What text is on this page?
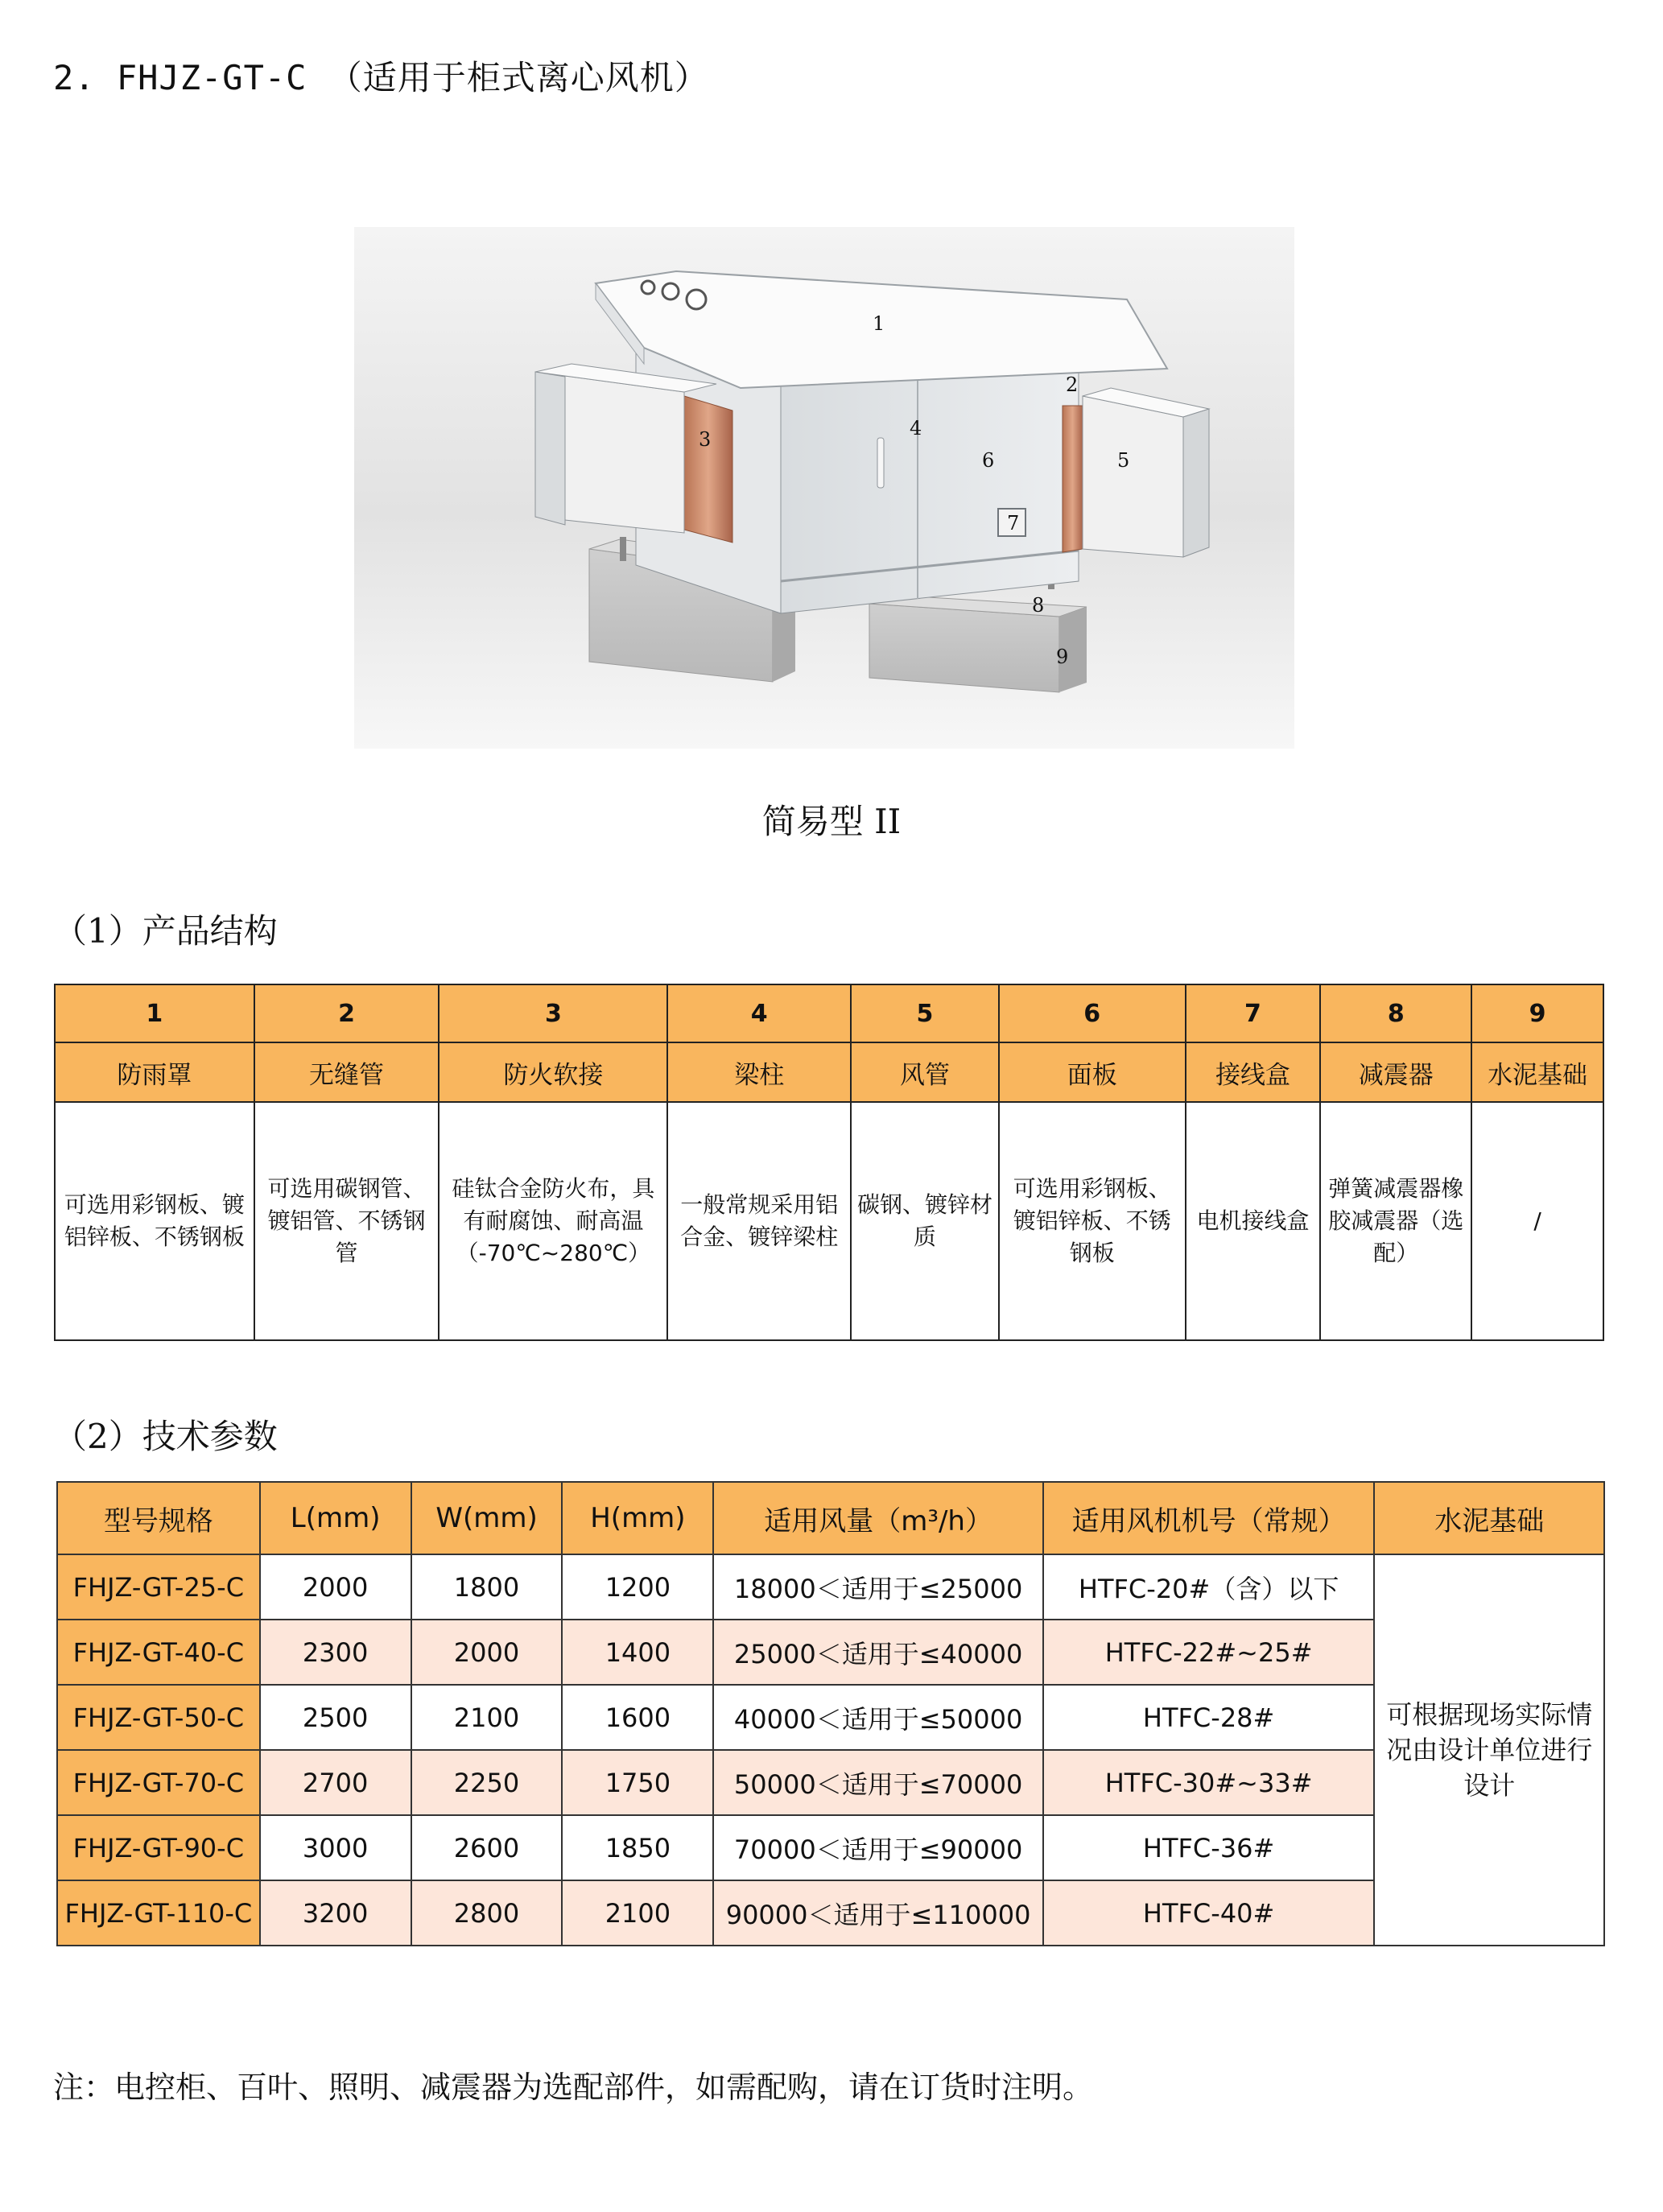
2. FHJZ-GT-C （适用于柜式离心风机）
1
2
3	4
5
6
7
8
9
简易型 II
（1）产品结构
1	2	3	4	5	6	7	8	9
防雨罩	无缝管	防火软接	梁柱	风管	面板	接线盒	减震器	水泥基础
可选用彩钢板、镀铝锌板、不锈钢板	可选用碳钢管、镀铝管、不锈钢管	硅钛合金防火布，具有耐腐蚀、耐高温（-70℃~280℃）	一般常规采用铝合金、镀锌梁柱	碳钢、镀锌材质	可选用彩钢板、镀铝锌板、不锈钢板	电机接线盒	弹簧减震器橡胶减震器（选配）	/
（2）技术参数
型号规格	L(mm)	W(mm)	H(mm)	适用风量（m³/h）	适用风机机号（常规）	水泥基础
FHJZ-GT-25-C	2000	1800	1200	18000＜适用于≤25000	HTFC-20#（含）以下	可根据现场实际情况由设计单位进行设计
FHJZ-GT-40-C	2300	2000	1400	25000＜适用于≤40000	HTFC-22#~25#	
FHJZ-GT-50-C	2500	2100	1600	40000＜适用于≤50000	HTFC-28#	
FHJZ-GT-70-C	2700	2250	1750	50000＜适用于≤70000	HTFC-30#~33#	
FHJZ-GT-90-C	3000	2600	1850	70000＜适用于≤90000	HTFC-36#	
FHJZ-GT-110-C	3200	2800	2100	90000＜适用于≤110000	HTFC-40#	
注：电控柜、百叶、照明、减震器为选配部件，如需配购，请在订货时注明。
